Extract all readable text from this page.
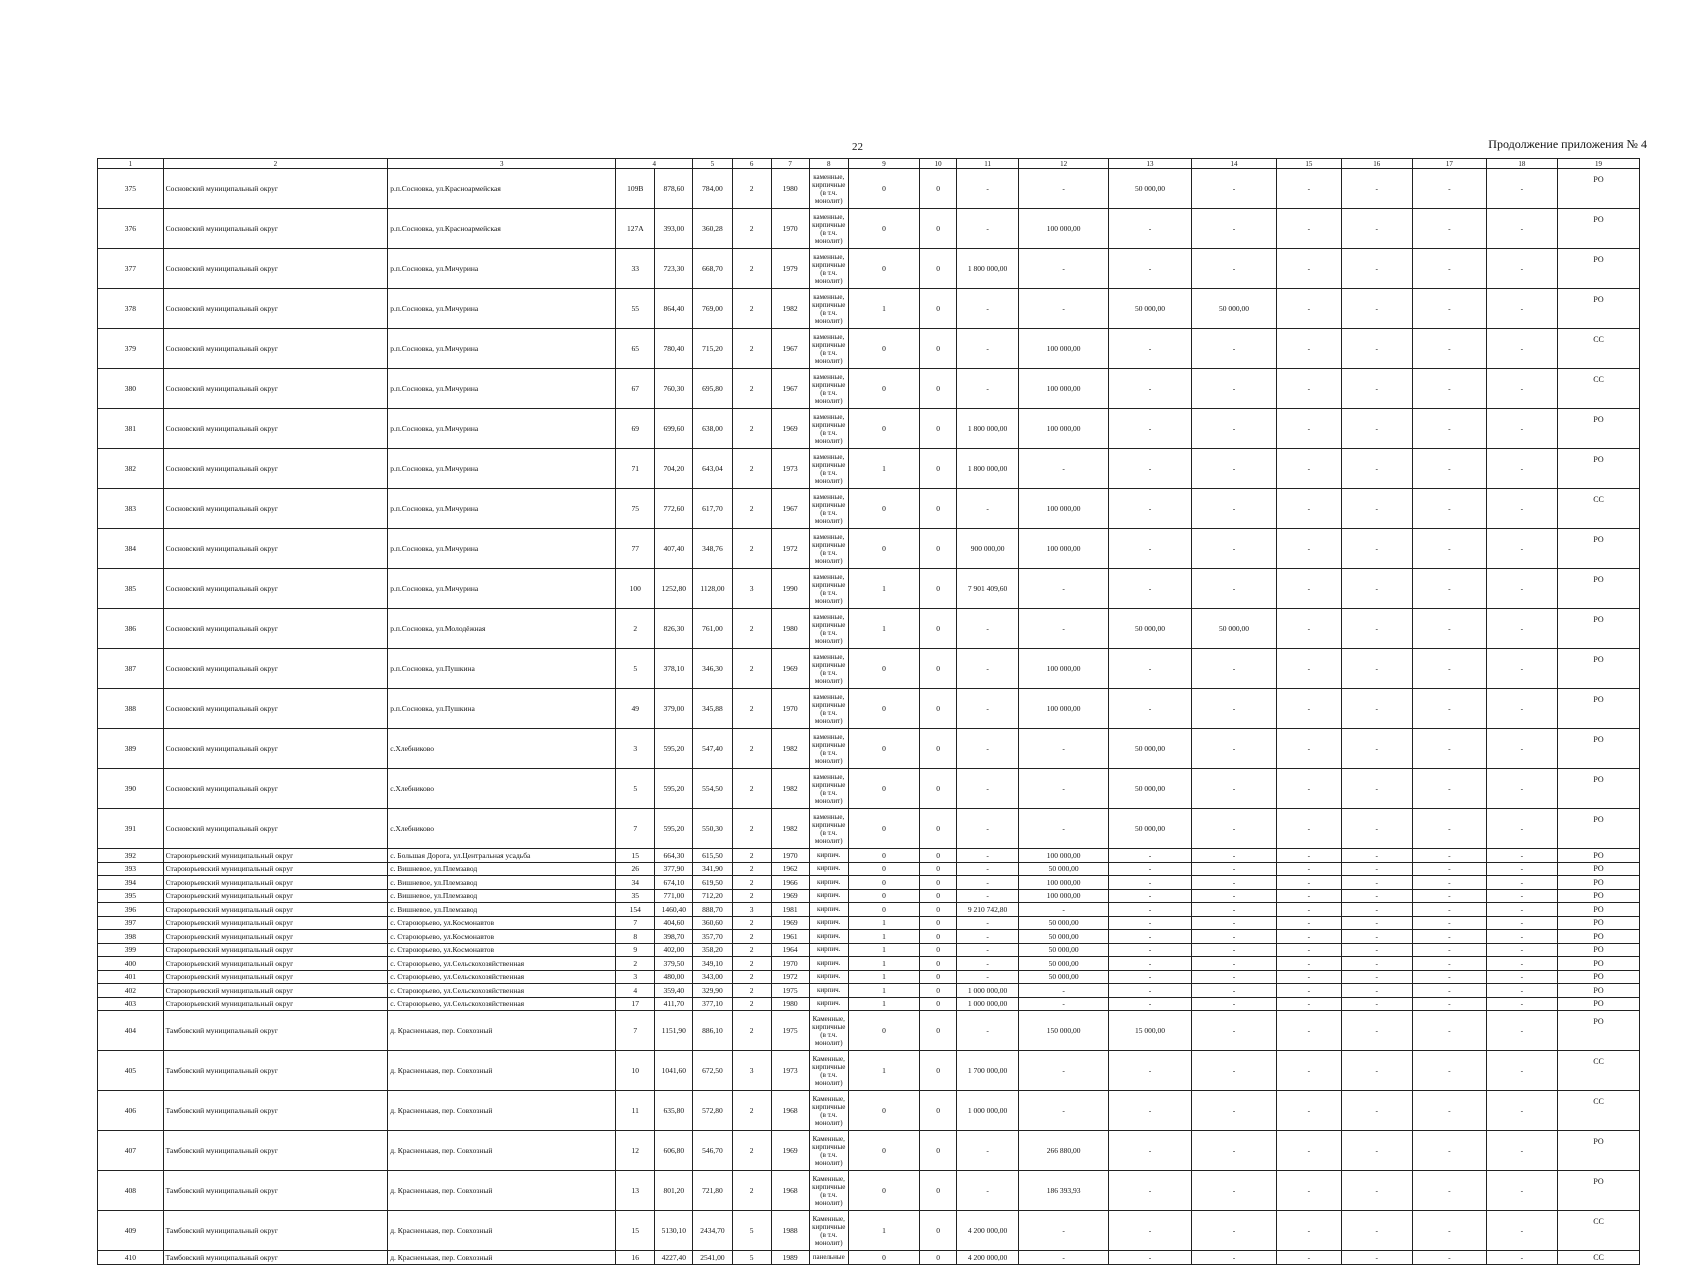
22	Продолжение приложения № 4
1	2	3	4		5	6	7	8	9	10	11	12	13	14	15	16	17	18	19
375	Сосновский муниципальный округ	р.п.Сосновка, ул.Красноармейская	109В	878,60	784,00	2	1980	каменные, кирпичные (в т.ч. монолит)	0	0	-	-	50 000,00	-	-	-	-	-	РО
376	Сосновский муниципальный округ	р.п.Сосновка, ул.Красноармейская	127А	393,00	360,28	2	1970	каменные, кирпичные (в т.ч. монолит)	0	0	-	100 000,00	-	-	-	-	-	-	РО
377	Сосновский муниципальный округ	р.п.Сосновка, ул.Мичурина	33	723,30	668,70	2	1979	каменные, кирпичные (в т.ч. монолит)	0	0	1 800 000,00	-	-	-	-	-	-	-	РО
378	Сосновский муниципальный округ	р.п.Сосновка, ул.Мичурина	55	864,40	769,00	2	1982	каменные, кирпичные (в т.ч. монолит)	1	0	-	-	50 000,00	50 000,00	-	-	-	-	РО
379	Сосновский муниципальный округ	р.п.Сосновка, ул.Мичурина	65	780,40	715,20	2	1967	каменные, кирпичные (в т.ч. монолит)	0	0	-	100 000,00	-	-	-	-	-	-	СС
380	Сосновский муниципальный округ	р.п.Сосновка, ул.Мичурина	67	760,30	695,80	2	1967	каменные, кирпичные (в т.ч. монолит)	0	0	-	100 000,00	-	-	-	-	-	-	СС
381	Сосновский муниципальный округ	р.п.Сосновка, ул.Мичурина	69	699,60	638,00	2	1969	каменные, кирпичные (в т.ч. монолит)	0	0	1 800 000,00	100 000,00	-	-	-	-	-	-	РО
382	Сосновский муниципальный округ	р.п.Сосновка, ул.Мичурина	71	704,20	643,04	2	1973	каменные, кирпичные (в т.ч. монолит)	1	0	1 800 000,00	-	-	-	-	-	-	-	РО
383	Сосновский муниципальный округ	р.п.Сосновка, ул.Мичурина	75	772,60	617,70	2	1967	каменные, кирпичные (в т.ч. монолит)	0	0	-	100 000,00	-	-	-	-	-	-	СС
384	Сосновский муниципальный округ	р.п.Сосновка, ул.Мичурина	77	407,40	348,76	2	1972	каменные, кирпичные (в т.ч. монолит)	0	0	900 000,00	100 000,00	-	-	-	-	-	-	РО
385	Сосновский муниципальный округ	р.п.Сосновка, ул.Мичурина	100	1252,80	1128,00	3	1990	каменные, кирпичные (в т.ч. монолит)	1	0	7 901 409,60	-	-	-	-	-	-	-	РО
386	Сосновский муниципальный округ	р.п.Сосновка, ул.Молодёжная	2	826,30	761,00	2	1980	каменные, кирпичные (в т.ч. монолит)	1	0	-	-	50 000,00	50 000,00	-	-	-	-	РО
387	Сосновский муниципальный округ	р.п.Сосновка, ул.Пушкина	5	378,10	346,30	2	1969	каменные, кирпичные (в т.ч. монолит)	0	0	-	100 000,00	-	-	-	-	-	-	РО
388	Сосновский муниципальный округ	р.п.Сосновка, ул.Пушкина	49	379,00	345,88	2	1970	каменные, кирпичные (в т.ч. монолит)	0	0	-	100 000,00	-	-	-	-	-	-	РО
389	Сосновский муниципальный округ	с.Хлебниково	3	595,20	547,40	2	1982	каменные, кирпичные (в т.ч. монолит)	0	0	-	-	50 000,00	-	-	-	-	-	РО
390	Сосновский муниципальный округ	с.Хлебниково	5	595,20	554,50	2	1982	каменные, кирпичные (в т.ч. монолит)	0	0	-	-	50 000,00	-	-	-	-	-	РО
391	Сосновский муниципальный округ	с.Хлебниково	7	595,20	550,30	2	1982	каменные, кирпичные (в т.ч. монолит)	0	0	-	-	50 000,00	-	-	-	-	-	РО
392	Староюрьевский муниципальный округ	с. Большая Дорога, ул.Центральная усадьба	15	664,30	615,50	2	1970	кирпич.	0	0	-	100 000,00	-	-	-	-	-	-	РО
393	Староюрьевский муниципальный округ	с. Вишневое, ул.Племзавод	26	377,90	341,90	2	1962	кирпич.	0	0	-	50 000,00	-	-	-	-	-	-	РО
394	Староюрьевский муниципальный округ	с. Вишневое, ул.Племзавод	34	674,10	619,50	2	1966	кирпич.	0	0	-	100 000,00	-	-	-	-	-	-	РО
395	Староюрьевский муниципальный округ	с. Вишневое, ул.Племзавод	35	771,00	712,20	2	1969	кирпич.	0	0	-	100 000,00	-	-	-	-	-	-	РО
396	Староюрьевский муниципальный округ	с. Вишневое, ул.Племзавод	154	1460,40	888,70	3	1981	кирпич.	0	0	9 210 742,80	-	-	-	-	-	-	-	РО
397	Староюрьевский муниципальный округ	с. Староюрьево, ул.Космонавтов	7	404,60	360,60	2	1969	кирпич.	1	0	-	50 000,00	-	-	-	-	-	-	РО
398	Староюрьевский муниципальный округ	с. Староюрьево, ул.Космонавтов	8	398,70	357,70	2	1961	кирпич.	1	0	-	50 000,00	-	-	-	-	-	-	РО
399	Староюрьевский муниципальный округ	с. Староюрьево, ул.Космонавтов	9	402,00	358,20	2	1964	кирпич.	1	0	-	50 000,00	-	-	-	-	-	-	РО
400	Староюрьевский муниципальный округ	с. Староюрьево, ул.Сельскохозяйственная	2	379,50	349,10	2	1970	кирпич.	1	0	-	50 000,00	-	-	-	-	-	-	РО
401	Староюрьевский муниципальный округ	с. Староюрьево, ул.Сельскохозяйственная	3	480,00	343,00	2	1972	кирпич.	1	0	-	50 000,00	-	-	-	-	-	-	РО
402	Староюрьевский муниципальный округ	с. Староюрьево, ул.Сельскохозяйственная	4	359,40	329,90	2	1975	кирпич.	1	0	1 000 000,00	-	-	-	-	-	-	-	РО
403	Староюрьевский муниципальный округ	с. Староюрьево, ул.Сельскохозяйственная	17	411,70	377,10	2	1980	кирпич.	1	0	1 000 000,00	-	-	-	-	-	-	-	РО
404	Тамбовский муниципальный округ	д. Красненькая, пер. Совхозный	7	1151,90	886,10	2	1975	Каменные, кирпичные (в т.ч. монолит)	0	0	-	150 000,00	15 000,00	-	-	-	-	-	РО
405	Тамбовский муниципальный округ	д. Красненькая, пер. Совхозный	10	1041,60	672,50	3	1973	Каменные, кирпичные (в т.ч. монолит)	1	0	1 700 000,00	-	-	-	-	-	-	-	СС
406	Тамбовский муниципальный округ	д. Красненькая, пер. Совхозный	11	635,80	572,80	2	1968	Каменные, кирпичные (в т.ч. монолит)	0	0	1 000 000,00	-	-	-	-	-	-	-	СС
407	Тамбовский муниципальный округ	д. Красненькая, пер. Совхозный	12	606,80	546,70	2	1969	Каменные, кирпичные (в т.ч. монолит)	0	0	-	266 880,00	-	-	-	-	-	-	РО
408	Тамбовский муниципальный округ	д. Красненькая, пер. Совхозный	13	801,20	721,80	2	1968	Каменные, кирпичные (в т.ч. монолит)	0	0	-	186 393,93	-	-	-	-	-	-	РО
409	Тамбовский муниципальный округ	д. Красненькая, пер. Совхозный	15	5130,10	2434,70	5	1988	Каменные, кирпичные (в т.ч. монолит)	1	0	4 200 000,00	-	-	-	-	-	-	-	СС
410	Тамбовский муниципальный округ	д. Красненькая, пер. Совхозный	16	4227,40	2541,00	5	1989	панельные	0	0	4 200 000,00	-	-	-	-	-	-	-	СС
